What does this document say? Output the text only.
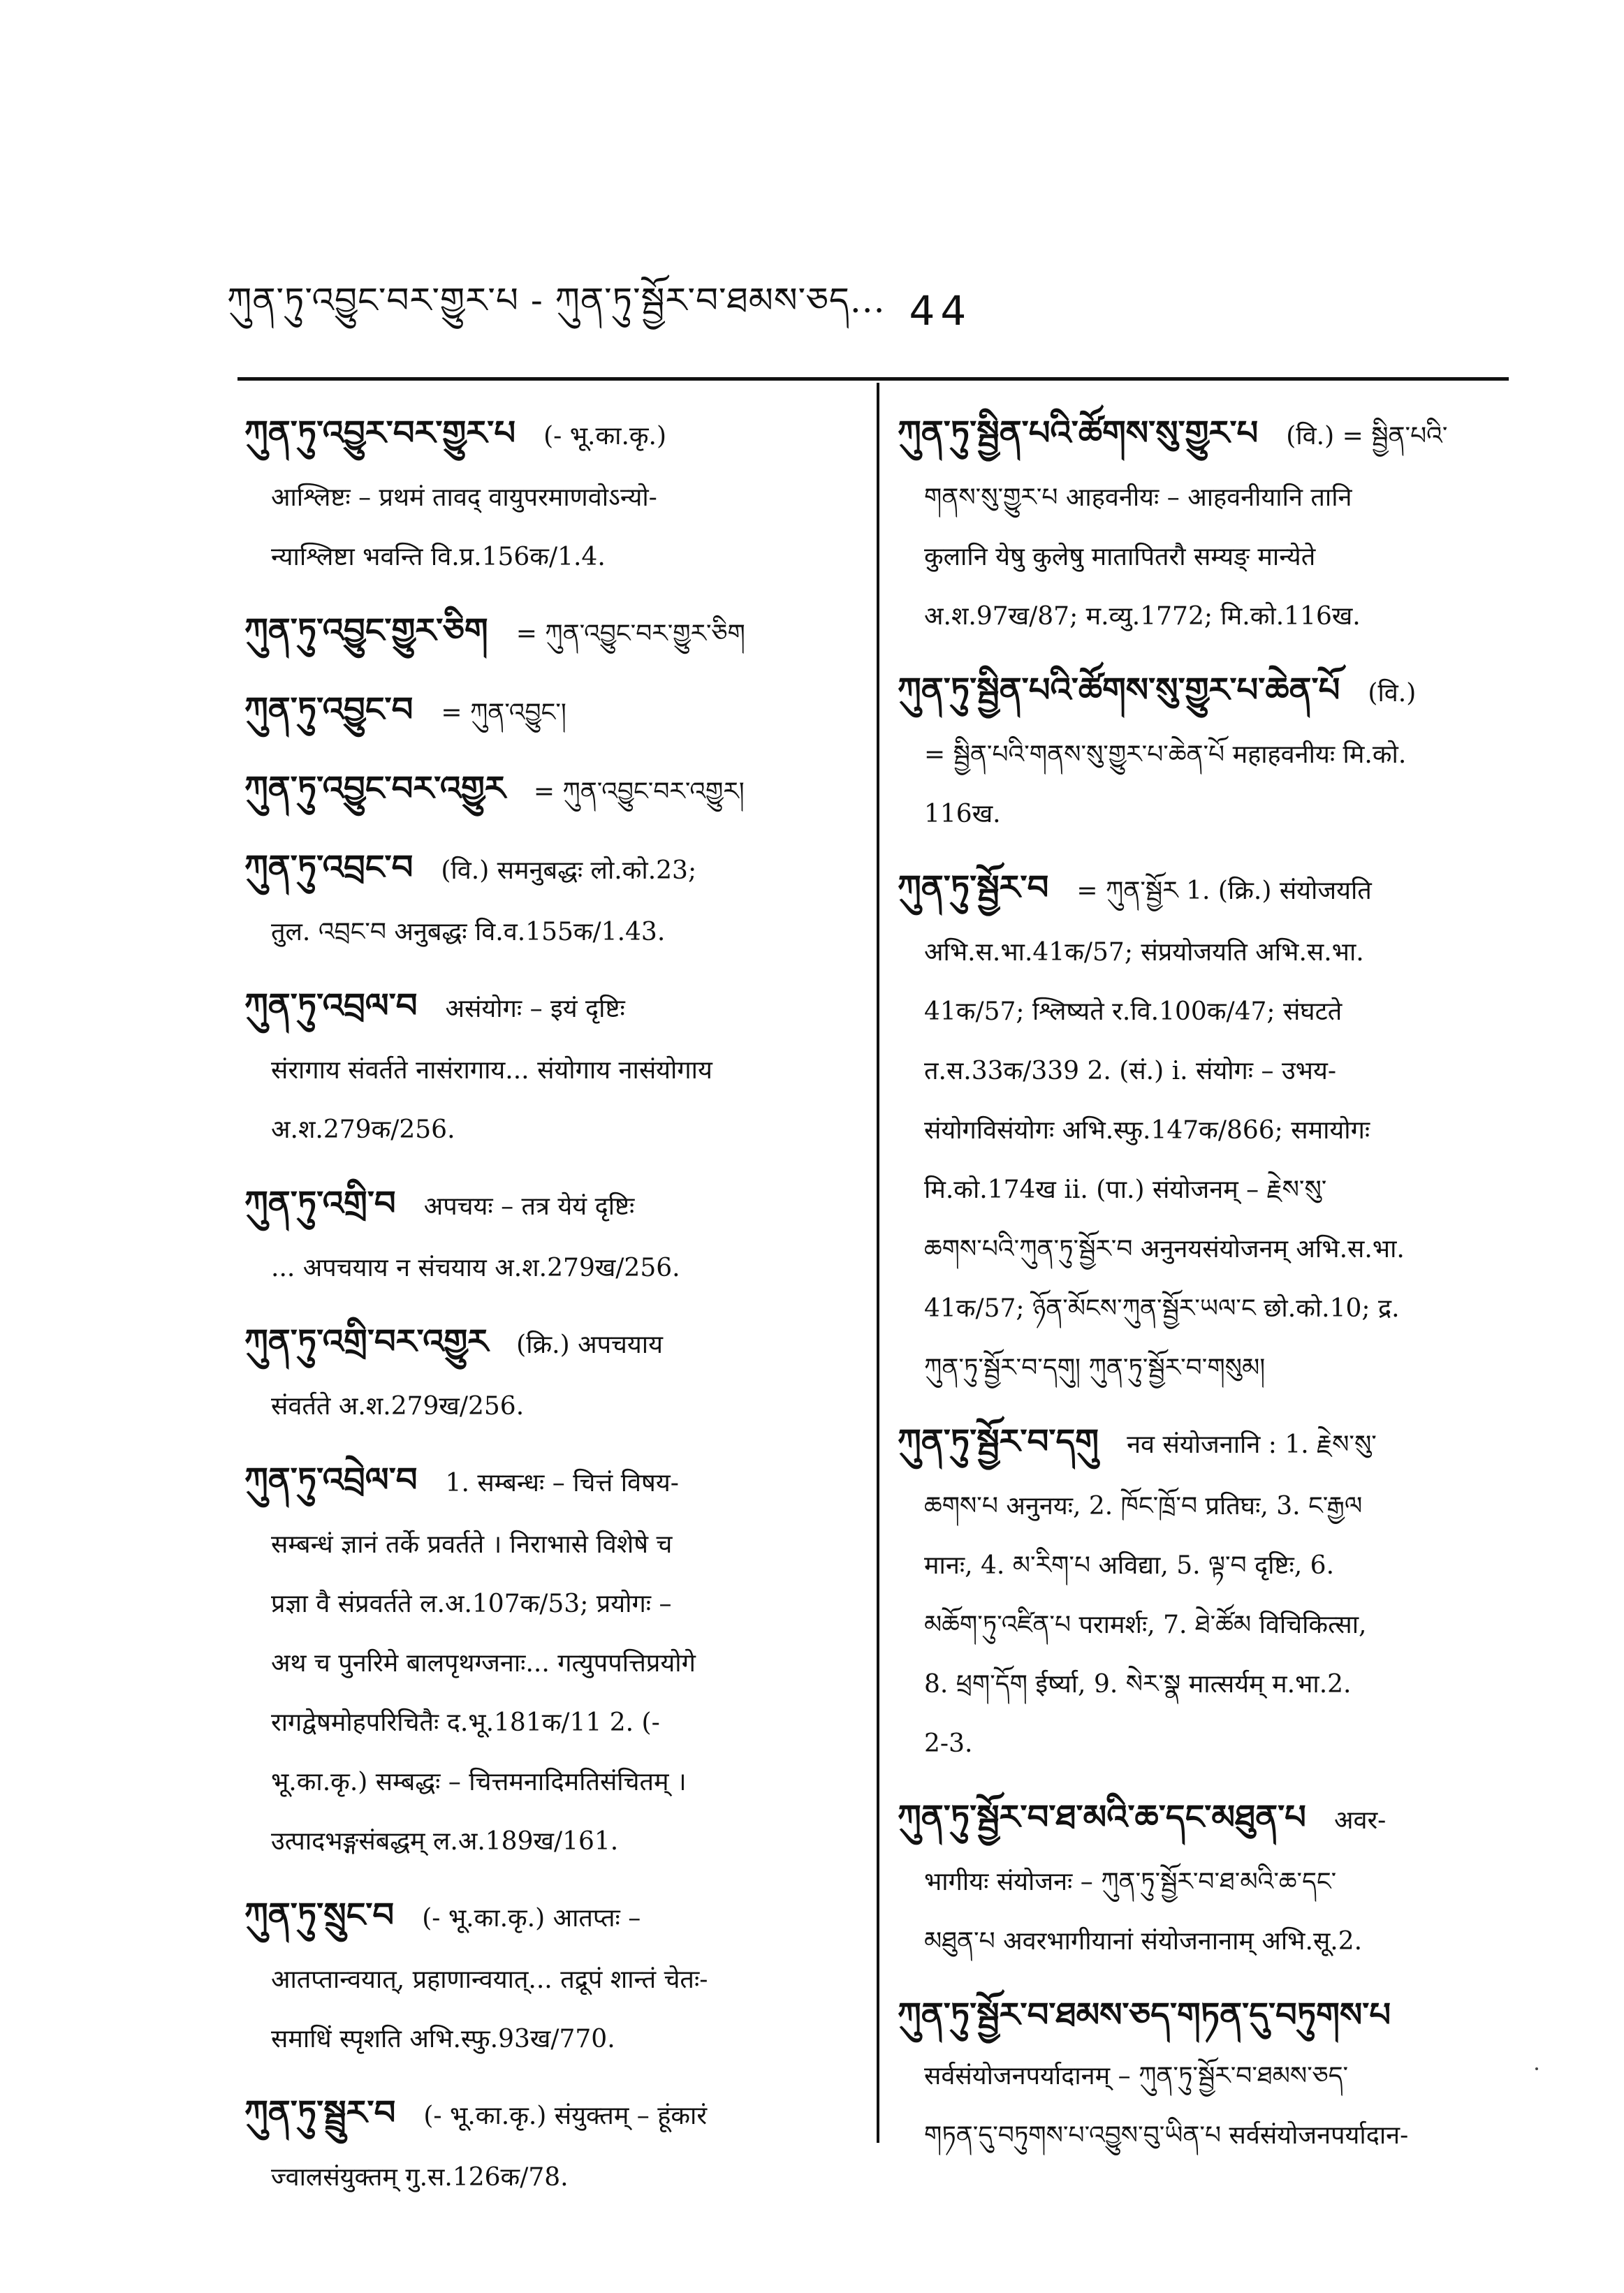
ཀུན་ཏུ་འབྱུང་བར་གྱུར་པ - ཀུན་ཏུ་སྦྱོར་བ་ཐམས་ཅད... 44
ཀུན་ཏུ་འབྱུར་བར་གྱུར་པ (- भू.का.कृ.)
आश्लिष्टः – प्रथमं तावद् वायुपरमाणवोऽन्यो-
न्याश्लिष्टा भवन्ति वि.प्र.156क/1.4.
ཀུན་ཏུ་འབྱུང་གྱུར་ཅིག = ཀུན་འབྱུང་བར་གྱུར་ཅིག
ཀུན་ཏུ་འབྱུང་བ = ཀུན་འབྱུང་།
ཀུན་ཏུ་འབྱུང་བར་འགྱུར = ཀུན་འབྱུང་བར་འགྱུར།
ཀུན་ཏུ་འབྲང་བ (वि.) समनुबद्धः लो.को.23;
तुल. འབྲང་བ अनुबद्धः वि.व.155क/1.43.
ཀུན་ཏུ་འབྲལ་བ असंयोगः – इयं दृष्टिः
संरागाय संवर्तते नासंरागाय... संयोगाय नासंयोगाय
अ.श.279क/256.
ཀུན་ཏུ་འགྲི་བ अपचयः – तत्र येयं दृष्टिः
... अपचयाय न संचयाय अ.श.279ख/256.
ཀུན་ཏུ་འགྲི་བར་འགྱུར (क्रि.) अपचयाय
संवर्तते अ.श.279ख/256.
ཀུན་ཏུ་འབྲེལ་བ 1. सम्बन्धः – चित्तं विषय-
सम्बन्धं ज्ञानं तर्के प्रवर्तते । निराभासे विशेषे च
प्रज्ञा वै संप्रवर्तते ल.अ.107क/53; प्रयोगः –
अथ च पुनरिमे बालपृथग्जनाः... गत्युपपत्तिप्रयोगे
रागद्वेषमोहपरिचितैः द.भू.181क/11 2. (-
भू.का.कृ.) सम्बद्धः – चित्तमनादिमतिसंचितम् ।
उत्पादभङ्गसंबद्धम् ल.अ.189ख/161.
ཀུན་ཏུ་སྲུང་བ (- भू.का.कृ.) आतप्तः –
आतप्तान्वयात्, प्रहाणान्वयात्... तद्रूपं शान्तं चेतः-
समाधिं स्पृशति अभि.स्फु.93ख/770.
ཀུན་ཏུ་སྦྲུར་བ (- भू.का.कृ.) संयुक्तम् – हूंकारं
ज्वालसंयुक्तम् गु.स.126क/78.
ཀུན་ཏུ་སྦྱིན་པའི་ཚོགས་སུ་གྱུར་པ (वि.) = སྦྱིན་པའི་
གནས་སུ་གྱུར་པ आहवनीयः – आहवनीयानि तानि
कुलानि येषु कुलेषु मातापितरौ सम्यङ् मान्येते
अ.श.97ख/87; म.व्यु.1772; मि.को.116ख.
ཀུན་ཏུ་སྦྱིན་པའི་ཚོགས་སུ་གྱུར་པ་ཆེན་པོ (वि.)
= སྦྱིན་པའི་གནས་སུ་གྱུར་པ་ཆེན་པོ महाहवनीयः मि.को.
116ख.
ཀུན་ཏུ་སྦྱོར་བ = ཀུན་སྦྱོར 1. (क्रि.) संयोजयति
अभि.स.भा.41क/57; संप्रयोजयति अभि.स.भा.
41क/57; श्लिष्यते र.वि.100क/47; संघटते
त.स.33क/339 2. (सं.) i. संयोगः – उभय-
संयोगविसंयोगः अभि.स्फु.147क/866; समायोगः
मि.को.174ख ii. (पा.) संयोजनम् – རྗེས་སུ་
ཆགས་པའི་ཀུན་ཏུ་སྦྱོར་བ अनुनयसंयोजनम् अभि.स.भा.
41क/57; ཉོན་མོངས་ཀུན་སྦྱོར་ཡལ་ང छो.को.10; द्र.
ཀུན་ཏུ་སྦྱོར་བ་དགུ། ཀུན་ཏུ་སྦྱོར་བ་གསུམ།
ཀུན་ཏུ་སྦྱོར་བ་དགུ नव संयोजनानि : 1. རྗེས་སུ་
ཆགས་པ अनुनयः, 2. ཁོང་ཁྲོ་བ प्रतिघः, 3. ང་རྒྱལ
मानः, 4. མ་རིག་པ अविद्या, 5. ལྟ་བ दृष्टिः, 6.
མཆོག་ཏུ་འཛིན་པ परामर्शः, 7. ཐེ་ཚོམ विचिकित्सा,
8. ཕྲག་དོག ईर्ष्या, 9. སེར་སྣ मात्सर्यम् म.भा.2.
2-3.
ཀུན་ཏུ་སྦྱོར་བ་ཐ་མའི་ཆ་དང་མཐུན་པ अवर-
भागीयः संयोजनः – ཀུན་ཏུ་སྦྱོར་བ་ཐ་མའི་ཆ་དང་
མཐུན་པ अवरभागीयानां संयोजनानाम् अभि.सू.2.
ཀུན་ཏུ་སྦྱོར་བ་ཐམས་ཅད་གཏན་དུ་བཏུགས་པ
सर्वसंयोजनपर्यादानम् – ཀུན་ཏུ་སྦྱོར་བ་ཐམས་ཅད་
གཏན་དུ་བཏུགས་པ་འབྱུས་བུ་ཡིན་པ सर्वसंयोजनपर्यादान-
